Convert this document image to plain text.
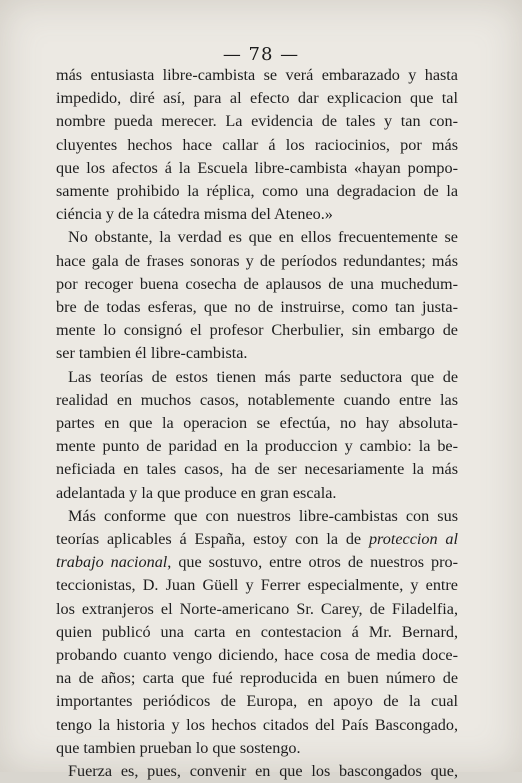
— 78 —
más entusiasta libre-cambista se verá embarazado y hasta
impedido, diré así, para al efecto dar explicacion que tal
nombre pueda merecer. La evidencia de tales y tan con-
cluyentes hechos hace callar á los raciocinios, por más
que los afectos á la Escuela libre-cambista «hayan pompo-
samente prohibido la réplica, como una degradacion de la
ciéncia y de la cátedra misma del Ateneo.»
No obstante, la verdad es que en ellos frecuentemente se
hace gala de frases sonoras y de períodos redundantes; más
por recoger buena cosecha de aplausos de una muchedum-
bre de todas esferas, que no de instruirse, como tan justa-
mente lo consignó el profesor Cherbulier, sin embargo de
ser tambien él libre-cambista.
Las teorías de estos tienen más parte seductora que de
realidad en muchos casos, notablemente cuando entre las
partes en que la operacion se efectúa, no hay absoluta-
mente punto de paridad en la produccion y cambio: la be-
neficiada en tales casos, ha de ser necesariamente la más
adelantada y la que produce en gran escala.
Más conforme que con nuestros libre-cambistas con sus
teorías aplicables á España, estoy con la de proteccion al
trabajo nacional, que sostuvo, entre otros de nuestros pro-
teccionistas, D. Juan Güell y Ferrer especialmente, y entre
los extranjeros el Norte-americano Sr. Carey, de Filadelfia,
quien publicó una carta en contestacion á Mr. Bernard,
probando cuanto vengo diciendo, hace cosa de media doce-
na de años; carta que fué reproducida en buen número de
importantes periódicos de Europa, en apoyo de la cual
tengo la historia y los hechos citados del País Bascongado,
que tambien prueban lo que sostengo.
Fuerza es, pues, convenir en que los bascongados que,
